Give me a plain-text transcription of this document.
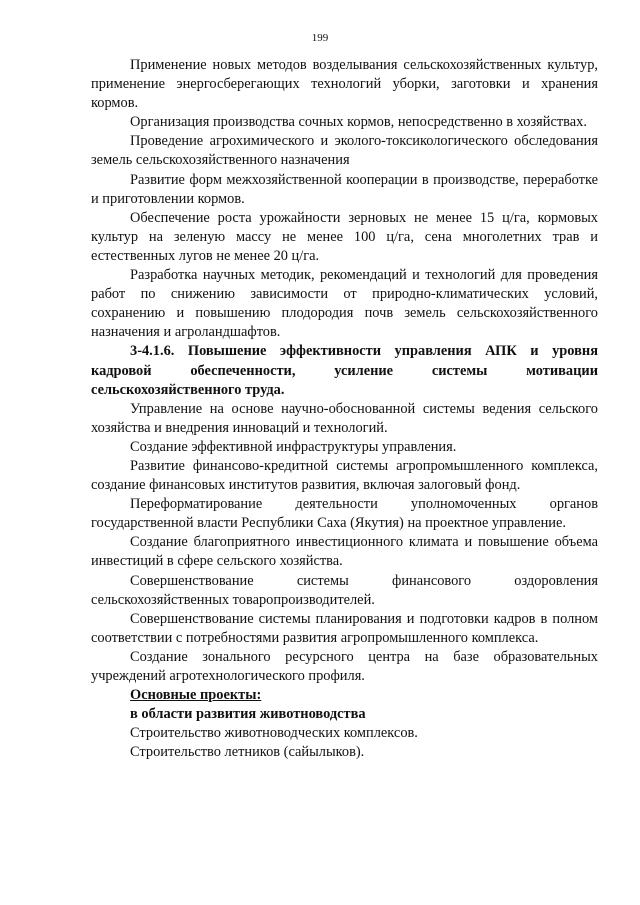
199

Применение новых методов возделывания сельскохозяйственных культур, применение энергосберегающих технологий уборки, заготовки и хранения кормов.

Организация производства сочных кормов, непосредственно в хозяйствах.

Проведение агрохимического и эколого-токсикологического обследования земель сельскохозяйственного назначения

Развитие форм межхозяйственной кооперации в производстве, переработке и приготовлении кормов.

Обеспечение роста урожайности зерновых не менее 15 ц/га, кормовых культур на зеленую массу не менее 100 ц/га, сена многолетних трав и естественных лугов не менее 20 ц/га.

Разработка научных методик, рекомендаций и технологий для проведения работ по снижению зависимости от природно-климатических условий, сохранению и повышению плодородия почв земель сельскохозяйственного назначения и агроландшафтов.

3-4.1.6. Повышение эффективности управления АПК и уровня кадровой обеспеченности, усиление системы мотивации сельскохозяйственного труда.

Управление на основе научно-обоснованной системы ведения сельского хозяйства и внедрения инноваций и технологий.

Создание эффективной инфраструктуры управления.

Развитие финансово-кредитной системы агропромышленного комплекса, создание финансовых институтов развития, включая залоговый фонд.

Переформатирование деятельности уполномоченных органов государственной власти Республики Саха (Якутия) на проектное управление.

Создание благоприятного инвестиционного климата и повышение объема инвестиций в сфере сельского хозяйства.

Совершенствование системы финансового оздоровления сельскохозяйственных товаропроизводителей.

Совершенствование системы планирования и подготовки кадров в полном соответствии с потребностями развития агропромышленного комплекса.

Создание зонального ресурсного центра на базе образовательных учреждений агротехнологического профиля.

Основные проекты:

в области развития животноводства

Строительство животноводческих комплексов.

Строительство летников (сайылыков).
